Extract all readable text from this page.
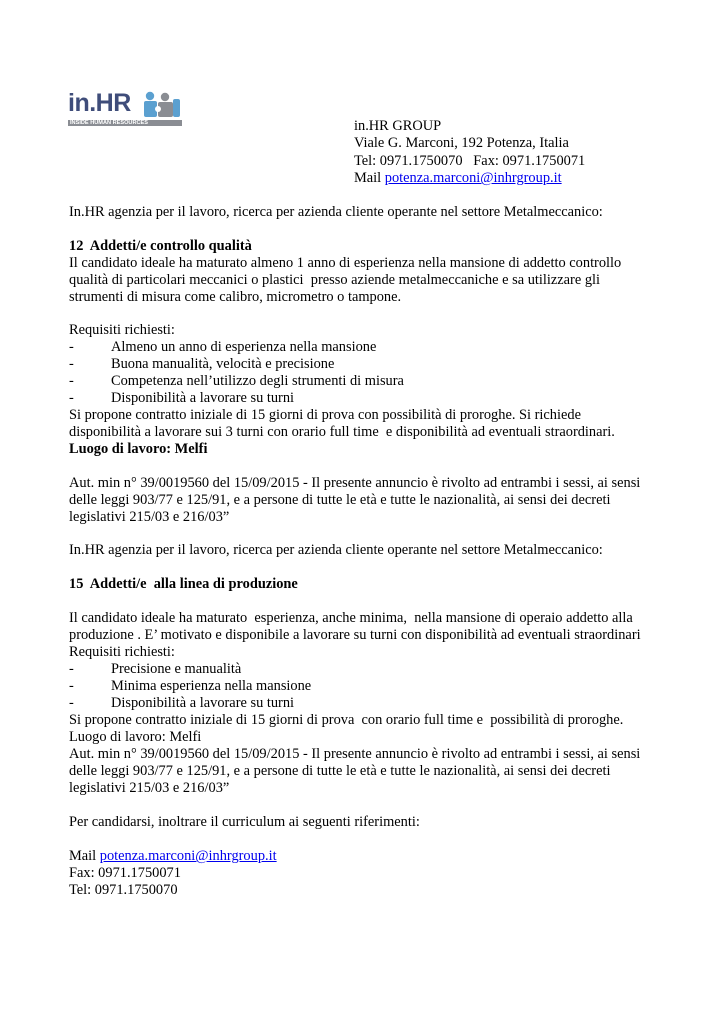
in.HR
INSIDE HUMAN RESOURCES	in.HR GROUP
Viale G. Marconi, 192 Potenza, Italia
Tel: 0971.1750070   Fax: 0971.1750071
Mail potenza.marconi@inhrgroup.it
In.HR agenzia per il lavoro, ricerca per azienda cliente operante nel settore Metalmeccanico:
12  Addetti/e controllo qualità
Il candidato ideale ha maturato almeno 1 anno di esperienza nella mansione di addetto controllo
qualità di particolari meccanici o plastici  presso aziende metalmeccaniche e sa utilizzare gli
strumenti di misura come calibro, micrometro o tampone.
Requisiti richiesti:
-	Almeno un anno di esperienza nella mansione
-	Buona manualità, velocità e precisione
-	Competenza nell’utilizzo degli strumenti di misura
-	Disponibilità a lavorare su turni
Si propone contratto iniziale di 15 giorni di prova con possibilità di proroghe. Si richiede
disponibilità a lavorare sui 3 turni con orario full time  e disponibilità ad eventuali straordinari.
Luogo di lavoro: Melfi
Aut. min n° 39/0019560 del 15/09/2015 - Il presente annuncio è rivolto ad entrambi i sessi, ai sensi
delle leggi 903/77 e 125/91, e a persone di tutte le età e tutte le nazionalità, ai sensi dei decreti
legislativi 215/03 e 216/03”
In.HR agenzia per il lavoro, ricerca per azienda cliente operante nel settore Metalmeccanico:
15  Addetti/e  alla linea di produzione
Il candidato ideale ha maturato  esperienza, anche minima,  nella mansione di operaio addetto alla
produzione . E’ motivato e disponibile a lavorare su turni con disponibilità ad eventuali straordinari
Requisiti richiesti:
-	Precisione e manualità
-	Minima esperienza nella mansione
-	Disponibilità a lavorare su turni
Si propone contratto iniziale di 15 giorni di prova  con orario full time e  possibilità di proroghe.
Luogo di lavoro: Melfi
Aut. min n° 39/0019560 del 15/09/2015 - Il presente annuncio è rivolto ad entrambi i sessi, ai sensi
delle leggi 903/77 e 125/91, e a persone di tutte le età e tutte le nazionalità, ai sensi dei decreti
legislativi 215/03 e 216/03”
Per candidarsi, inoltrare il curriculum ai seguenti riferimenti:
Mail potenza.marconi@inhrgroup.it
Fax: 0971.1750071
Tel: 0971.1750070
